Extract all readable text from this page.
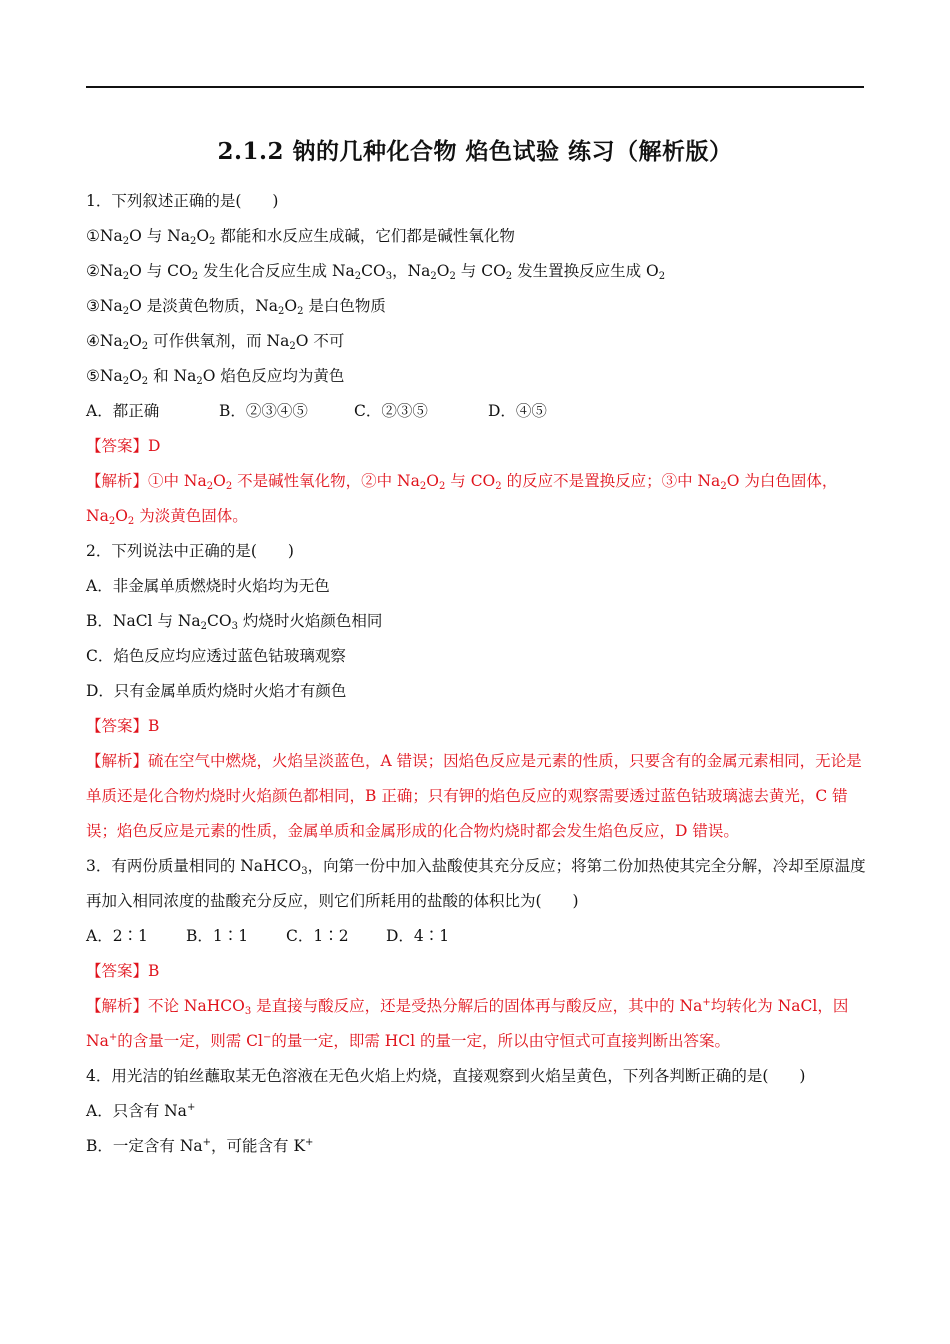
2.1.2 钠的几种化合物 焰色试验 练习（解析版）
1．下列叙述正确的是(　　)
$①Na_2O$ 与 $Na_2O_2$ 都能和水反应生成碱，它们都是碱性氧化物
$②Na_2O$ 与 $CO_2$ 发生化合反应生成 $Na_2CO_3$，$Na_2O_2$ 与 $CO_2$ 发生置换反应生成 $O_2$
$③Na_2O$ 是淡黄色物质，$Na_2O_2$ 是白色物质
$④Na_2O_2$ 可作供氧剂，而 $Na_2O$ 不可
$⑤Na_2O_2$ 和 $Na_2O$ 焰色反应均为黄色
A．都正确	B．②③④⑤	C．②③⑤	D．④⑤
【答案】D
【解析】①中 $Na_2O_2$ 不是碱性氧化物，②中 $Na_2O_2$ 与 $CO_2$ 的反应不是置换反应；③中 $Na_2O$ 为白色固体，$Na_2O_2$ 为淡黄色固体。
2．下列说法中正确的是(　　)
A．非金属单质燃烧时火焰均为无色
B．NaCl 与 $Na_2CO_3$ 灼烧时火焰颜色相同
C．焰色反应均应透过蓝色钴玻璃观察
D．只有金属单质灼烧时火焰才有颜色
【答案】B
【解析】硫在空气中燃烧，火焰呈淡蓝色，A 错误；因焰色反应是元素的性质，只要含有的金属元素相同，无论是单质还是化合物灼烧时火焰颜色都相同，B 正确；只有钾的焰色反应的观察需要透过蓝色钴玻璃滤去黄光，C 错误；焰色反应是元素的性质，金属单质和金属形成的化合物灼烧时都会发生焰色反应，D 错误。
3．有两份质量相同的 NaHCO$_3$，向第一份中加入盐酸使其充分反应；将第二份加热使其完全分解，冷却至原温度再加入相同浓度的盐酸充分反应，则它们所耗用的盐酸的体积比为(　　)
A．2∶1 B．1∶1 C．1∶2 D．4∶1
【答案】B
【解析】不论 NaHCO$_3$ 是直接与酸反应，还是受热分解后的固体再与酸反应，其中的 Na+均转化为 NaCl，因 Na+的含量一定，则需 Cl−的量一定，即需 HCl 的量一定，所以由守恒式可直接判断出答案。
4．用光洁的铂丝蘸取某无色溶液在无色火焰上灼烧，直接观察到火焰呈黄色，下列各判断正确的是(　　)
A．只含有 Na+
B．一定含有 Na+，可能含有 K+
